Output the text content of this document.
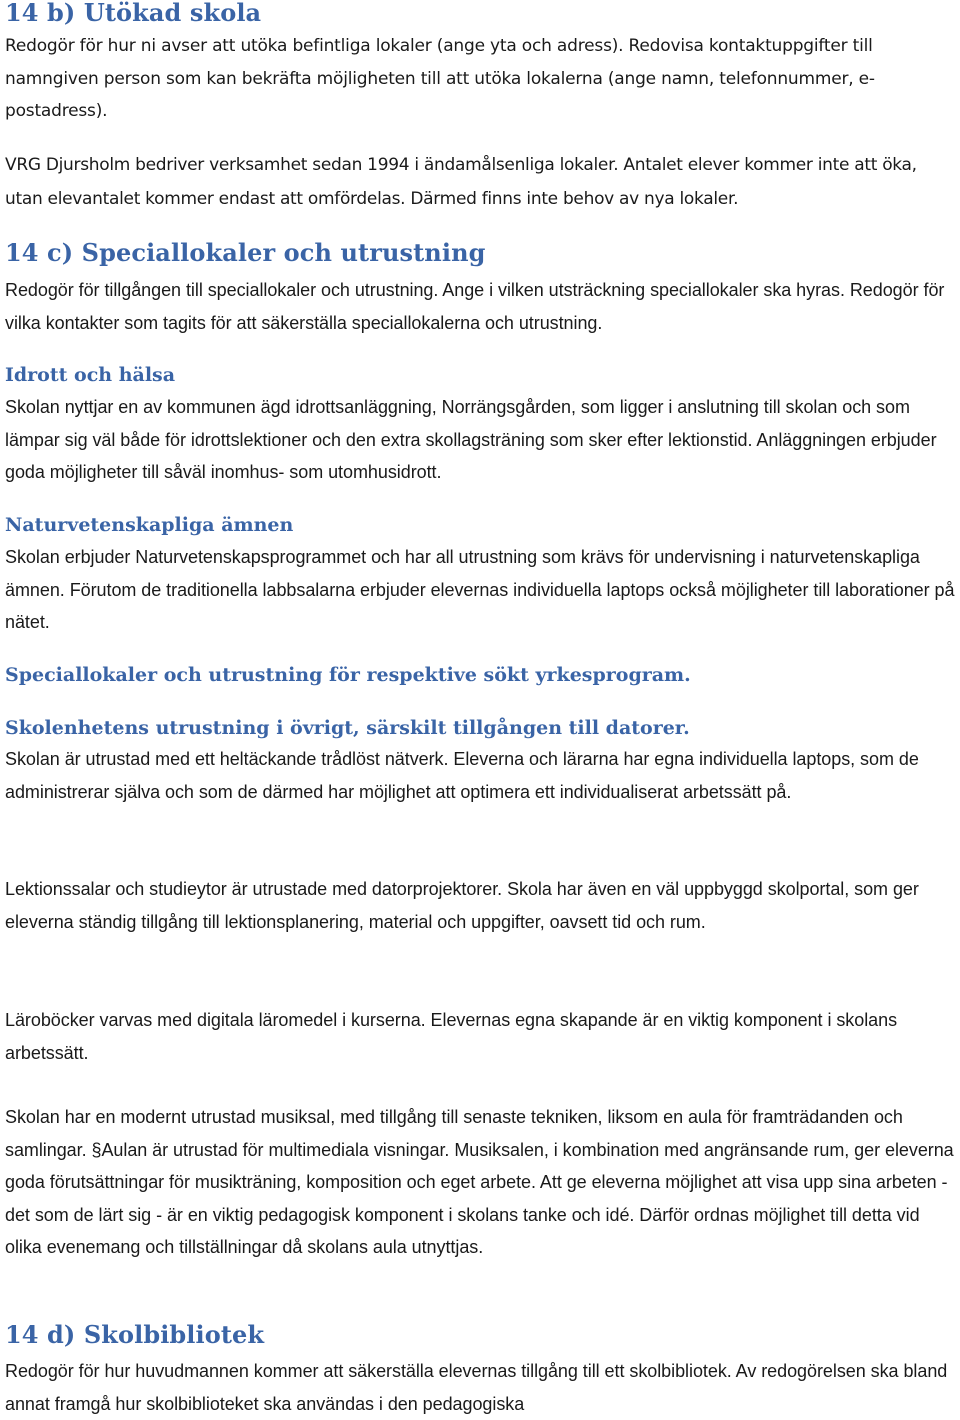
14 b) Utökad skola

Redogör för hur ni avser att utöka befintliga lokaler (ange yta och adress). Redovisa kontaktuppgifter till namngiven person som kan bekräfta möjligheten till att utöka lokalerna (ange namn, telefonnummer, e-postadress).

VRG Djursholm bedriver verksamhet sedan 1994 i ändamålsenliga lokaler. Antalet elever kommer inte att öka, utan elevantalet kommer endast att omfördelas. Därmed finns inte behov av nya lokaler.

14 c) Speciallokaler och utrustning

Redogör för tillgången till speciallokaler och utrustning. Ange i vilken utsträckning speciallokaler ska hyras. Redogör för vilka kontakter som tagits för att säkerställa speciallokalerna och utrustning.

Idrott och hälsa

Skolan nyttjar en av kommunen ägd idrottsanläggning, Norrängsgården, som ligger i anslutning till skolan och som lämpar sig väl både för idrottslektioner och den extra skollagsträning som sker efter lektionstid. Anläggningen erbjuder goda möjligheter till såväl inomhus- som utomhusidrott.

Naturvetenskapliga ämnen

Skolan erbjuder Naturvetenskapsprogrammet och har all utrustning som krävs för undervisning i naturvetenskapliga ämnen. Förutom de traditionella labbsalarna erbjuder elevernas individuella laptops också möjligheter till laborationer på nätet.

Speciallokaler och utrustning för respektive sökt yrkesprogram.
Skolenhetens utrustning i övrigt, särskilt tillgången till datorer.

Skolan är utrustad med ett heltäckande trådlöst nätverk. Eleverna och lärarna har egna individuella laptops, som de administrerar själva och som de därmed har möjlighet att optimera ett individualiserat arbetssätt på.

Lektionssalar och studieytor är utrustade med datorprojektorer. Skola har även en väl uppbyggd skolportal, som ger eleverna ständig tillgång till lektionsplanering, material och uppgifter, oavsett tid och rum.

Läroböcker varvas med digitala läromedel i kurserna. Elevernas egna skapande är en viktig komponent i skolans arbetssätt.

Skolan har en modernt utrustad musiksal, med tillgång till senaste tekniken, liksom en aula för framträdanden och samlingar. §Aulan är utrustad för multimediala visningar. Musiksalen, i kombination med angränsande rum, ger eleverna goda förutsättningar för musikträning, komposition och eget arbete. Att ge eleverna möjlighet att visa upp sina arbeten - det som de lärt sig - är en viktig pedagogisk komponent i skolans tanke och idé. Därför ordnas möjlighet till detta vid olika evenemang och tillställningar då skolans aula utnyttjas.

14 d) Skolbibliotek

Redogör för hur huvudmannen kommer att säkerställa elevernas tillgång till ett skolbibliotek. Av redogörelsen ska bland annat framgå hur skolbiblioteket ska användas i den pedagogiska
